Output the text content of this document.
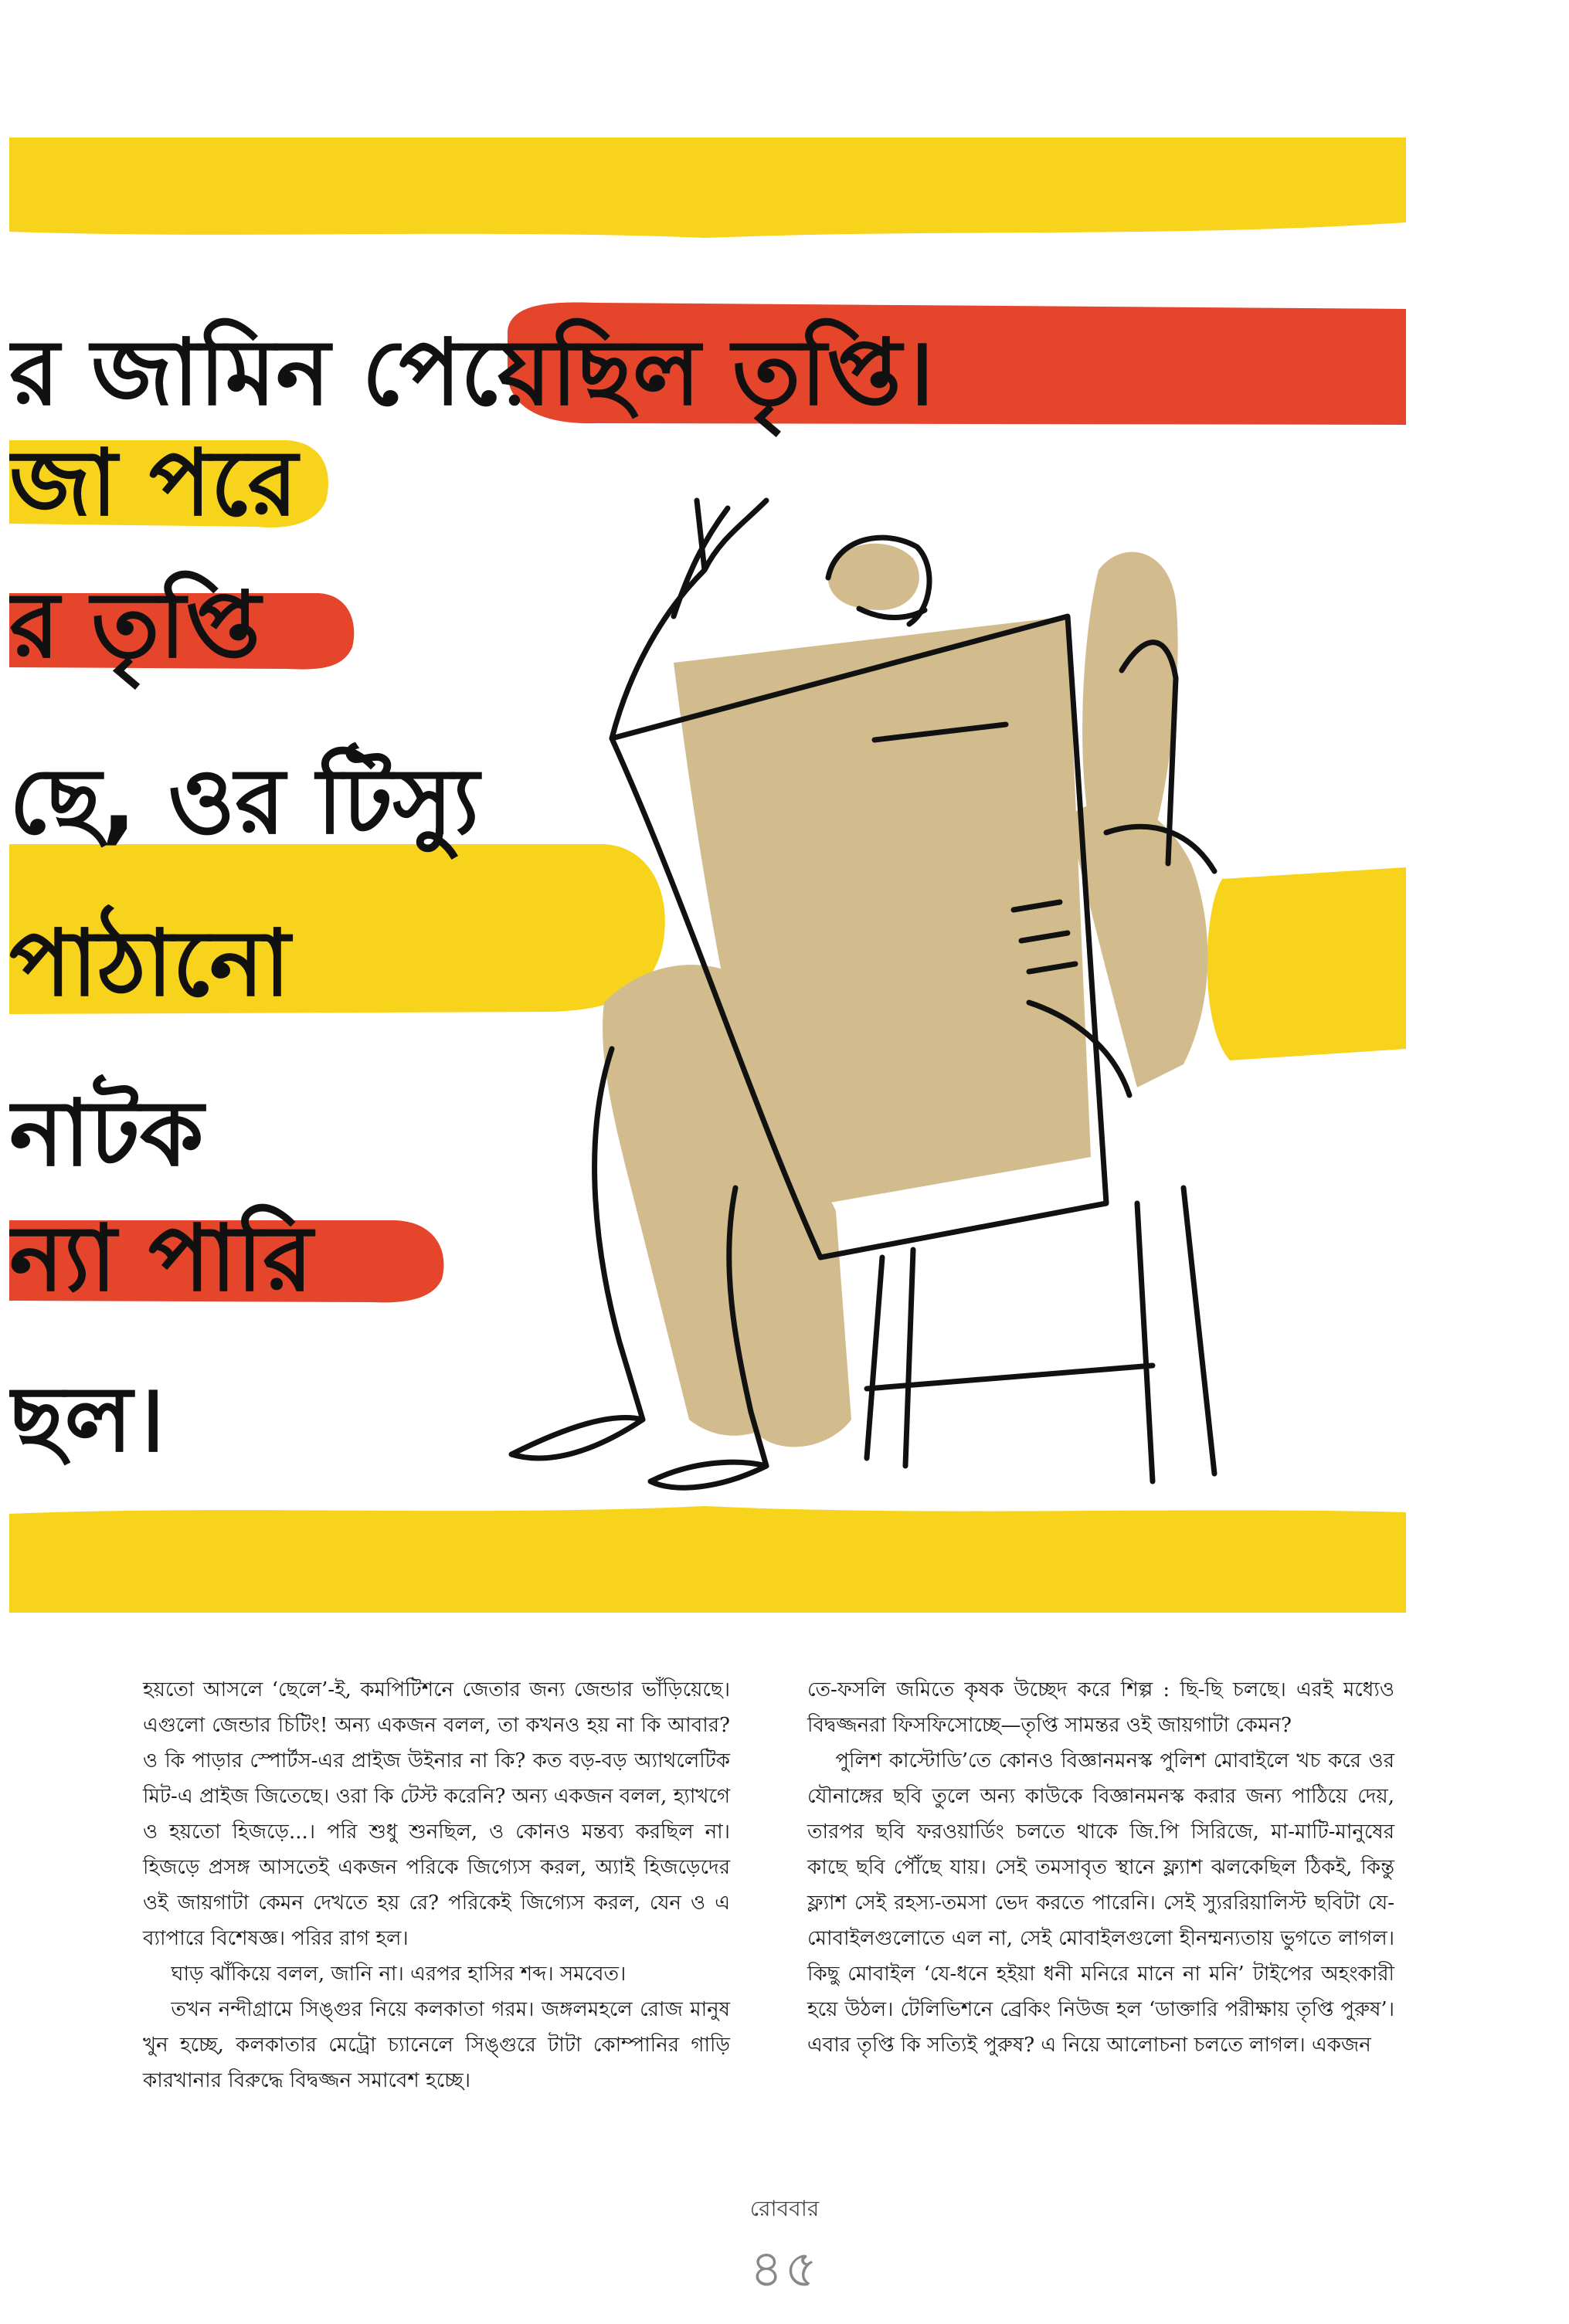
র জামিন পেয়েছিল তৃপ্তি।
জা পরে
র তৃপ্তি
ছে, ওর টিস্যু
পাঠানো
নাটক
ন্যা পারি
ছল।

হয়তো আসলে ‘ছেলে’-ই, কমপিটিশনে জেতার জন্য জেন্ডার ভাঁড়িয়েছে। এগুলো জেন্ডার চিটিং! অন্য একজন বলল, তা কখনও হয় না কি আবার? ও কি পাড়ার স্পোর্টস-এর প্রাইজ উইনার না কি? কত বড়-বড় অ্যাথলেটিক মিট-এ প্রাইজ জিতেছে। ওরা কি টেস্ট করেনি? অন্য একজন বলল, হ্যাখগে ও হয়তো হিজড়ে...। পরি শুধু শুনছিল, ও কোনও মন্তব্য করছিল না। হিজড়ে প্রসঙ্গ আসতেই একজন পরিকে জিগ্যেস করল, অ্যাই হিজড়েদের ওই জায়গাটা কেমন দেখতে হয় রে? পরিকেই জিগ্যেস করল, যেন ও এ ব্যাপারে বিশেষজ্ঞ। পরির রাগ হল।

ঘাড় ঝাঁকিয়ে বলল, জানি না। এরপর হাসির শব্দ। সমবেত।

তখন নন্দীগ্রামে সিঙ্গুর নিয়ে কলকাতা গরম। জঙ্গলমহলে রোজ মানুষ খুন হচ্ছে, কলকাতার মেট্রো চ্যানেলে সিঙ্গুরে টাটা কোম্পানির গাড়ি কারখানার বিরুদ্ধে বিদ্বজ্জন সমাবেশ হচ্ছে।

তে-ফসলি জমিতে কৃষক উচ্ছেদ করে শিল্প : ছি-ছি চলছে। এরই মধ্যেও বিদ্বজ্জনরা ফিসফিসোচ্ছে—তৃপ্তি সামন্তর ওই জায়গাটা কেমন?

পুলিশ কাস্টোডি’তে কোনও বিজ্ঞানমনস্ক পুলিশ মোবাইলে খচ করে ওর যৌনাঙ্গের ছবি তুলে অন্য কাউকে বিজ্ঞানমনস্ক করার জন্য পাঠিয়ে দেয়, তারপর ছবি ফরওয়ার্ডিং চলতে থাকে জি.পি সিরিজে, মা-মাটি-মানুষের কাছে ছবি পৌঁছে যায়। সেই তমসাবৃত স্থানে ফ্ল্যাশ ঝলকেছিল ঠিকই, কিন্তু ফ্ল্যাশ সেই রহস্য-তমসা ভেদ করতে পারেনি। সেই স্যুররিয়ালিস্ট ছবিটা যে-মোবাইলগুলোতে এল না, সেই মোবাইলগুলো হীনম্মন্যতায় ভুগতে লাগল। কিছু মোবাইল ‘যে-ধনে হইয়া ধনী মনিরে মানে না মনি’ টাইপের অহংকারী হয়ে উঠল। টেলিভিশনে ব্রেকিং নিউজ হল ‘ডাক্তারি পরীক্ষায় তৃপ্তি পুরুষ’। এবার তৃপ্তি কি সত্যিই পুরুষ? এ নিয়ে আলোচনা চলতে লাগল। একজন

রোববার
৪৫
